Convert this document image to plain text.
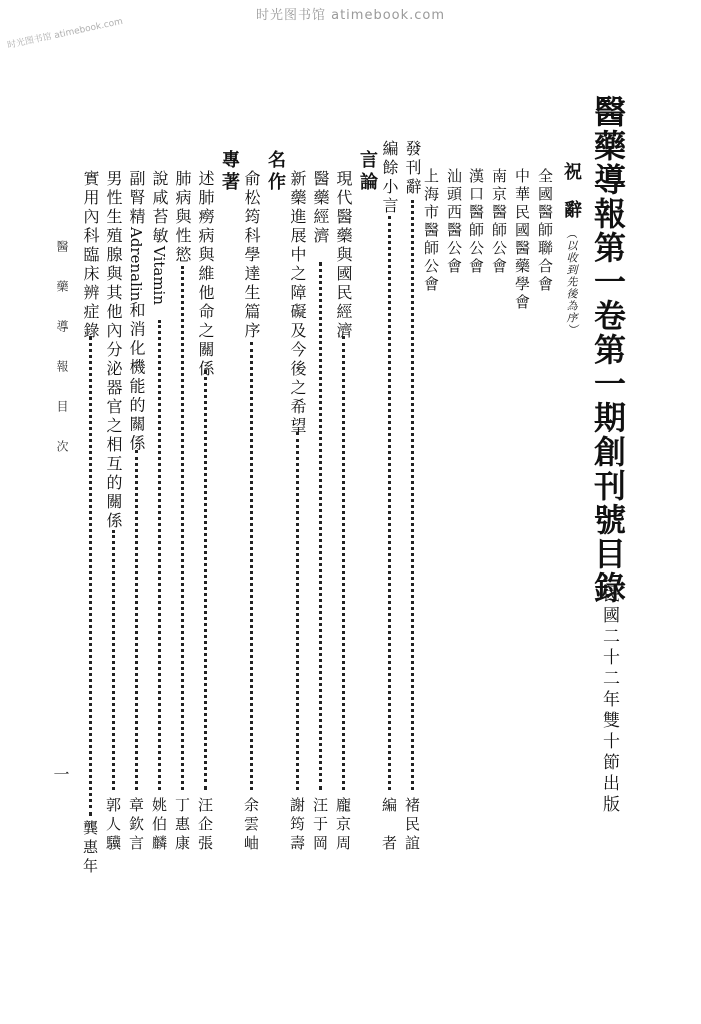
时光图书馆 atimebook.com
时光图书馆 atimebook.com
醫藥導報第一卷第一期創刊號目錄
民國二十二年雙十節出版
祝
辭
（以收到先後為序）
全國醫師聯合會
中華民國醫藥學會
南京醫師公會
漢口醫師公會
汕頭西醫公會
上海市醫師公會
發刊辭
褚民誼
編餘小言
編　者
言論
現代醫藥與國民經濟
龐京周
醫藥經濟
汪于岡
新藥進展中之障礙及今後之希望
謝筠壽
名作
俞松筠科學達生篇序
余雲岫
專著
述肺癆病與維他命之關係
汪企張
肺病與性慾
丁惠康
說咸苔敏Vitamin
姚伯麟
副腎精Adrenalin和消化機能的關係
章欽言
男性生殖腺與其他內分泌器官之相互的關係
郭人驥
實用內科臨床辨症錄
龔惠年
醫藥導報目次
一
